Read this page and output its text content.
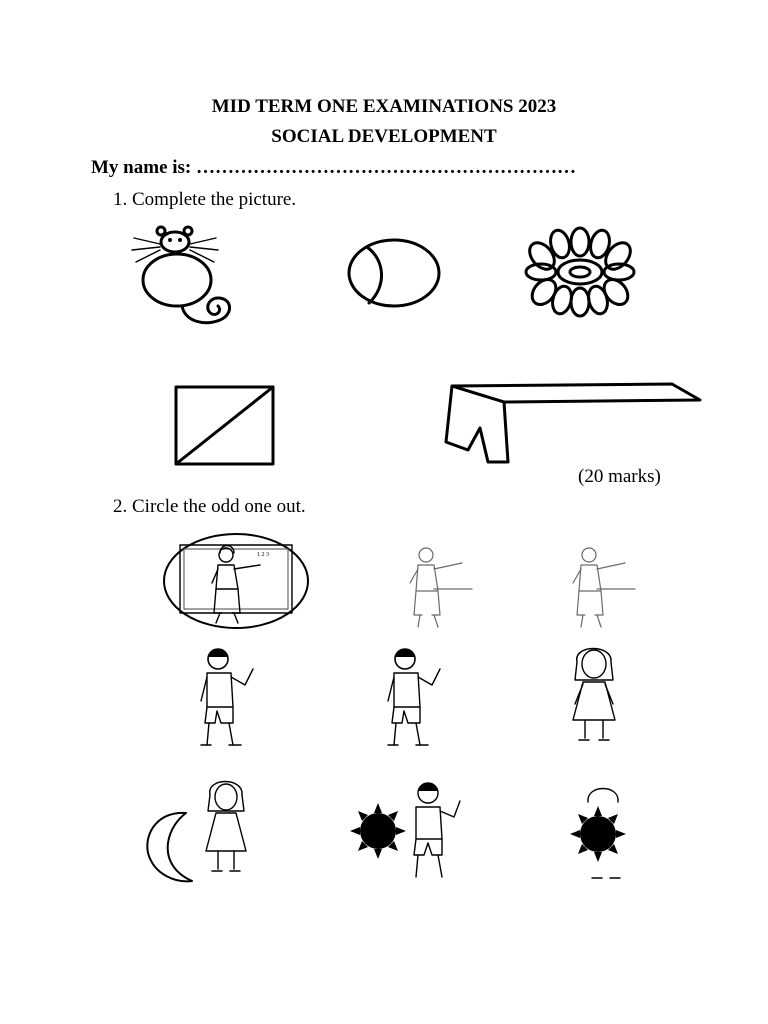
MID TERM ONE EXAMINATIONS 2023
SOCIAL DEVELOPMENT
My name is: ……………………………………………………
1. Complete the picture.
(20 marks)
2. Circle the odd one out.
1 2 3
